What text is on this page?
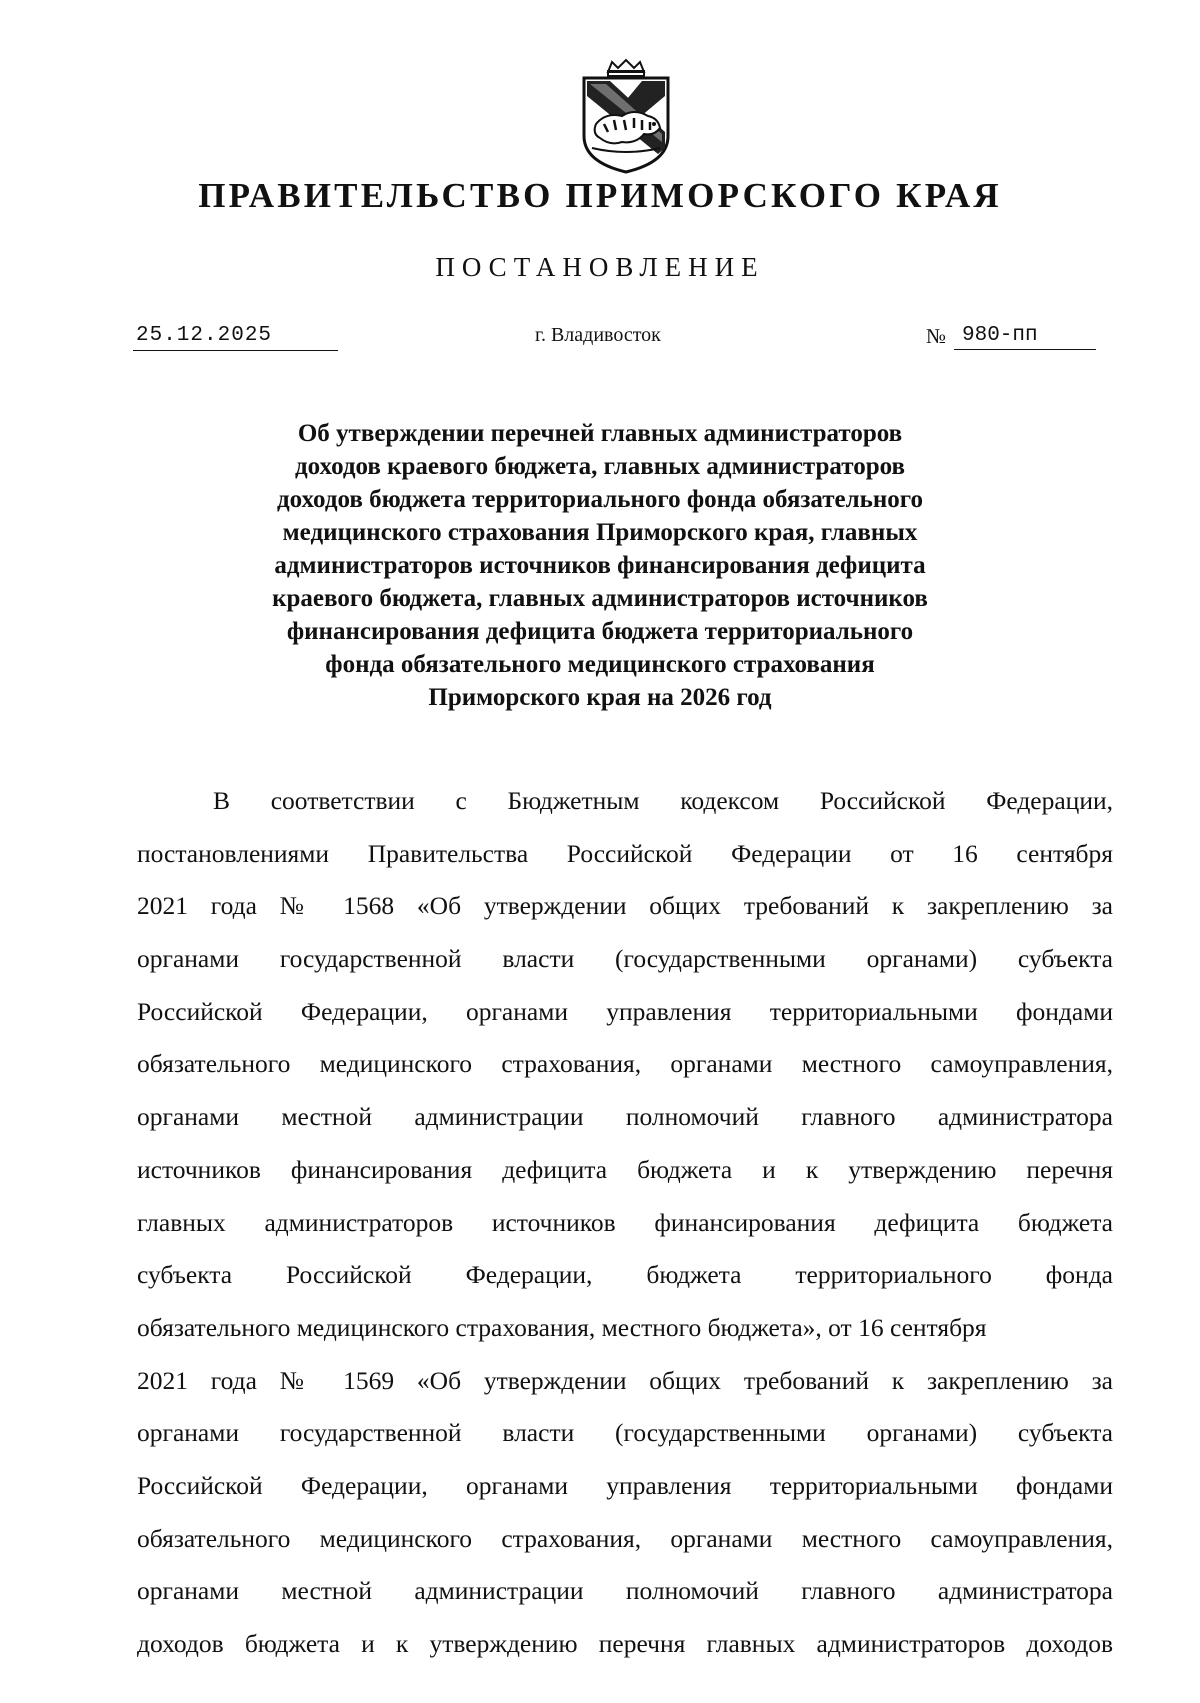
ПРАВИТЕЛЬСТВО ПРИМОРСКОГО КРАЯ
ПОСТАНОВЛЕНИЕ
25.12.2025	г. Владивосток	№ 980-пп
Об утверждении перечней главных администраторов
доходов краевого бюджета, главных администраторов
доходов бюджета территориального фонда обязательного
медицинского страхования Приморского края, главных
администраторов источников финансирования дефицита
краевого бюджета, главных администраторов источников
финансирования дефицита бюджета территориального
фонда обязательного медицинского страхования
Приморского края на 2026 год
В соответствии с Бюджетным кодексом Российской Федерации,
постановлениями Правительства Российской Федерации от 16 сентября
2021 года № 1568 «Об утверждении общих требований к закреплению за
органами государственной власти (государственными органами) субъекта
Российской Федерации, органами управления территориальными фондами
обязательного медицинского страхования, органами местного самоуправления,
органами местной администрации полномочий главного администратора
источников финансирования дефицита бюджета и к утверждению перечня
главных администраторов источников финансирования дефицита бюджета
субъекта Российской Федерации, бюджета территориального фонда
обязательного медицинского страхования, местного бюджета», от 16 сентября
2021 года № 1569 «Об утверждении общих требований к закреплению за
органами государственной власти (государственными органами) субъекта
Российской Федерации, органами управления территориальными фондами
обязательного медицинского страхования, органами местного самоуправления,
органами местной администрации полномочий главного администратора
доходов бюджета и к утверждению перечня главных администраторов доходов
